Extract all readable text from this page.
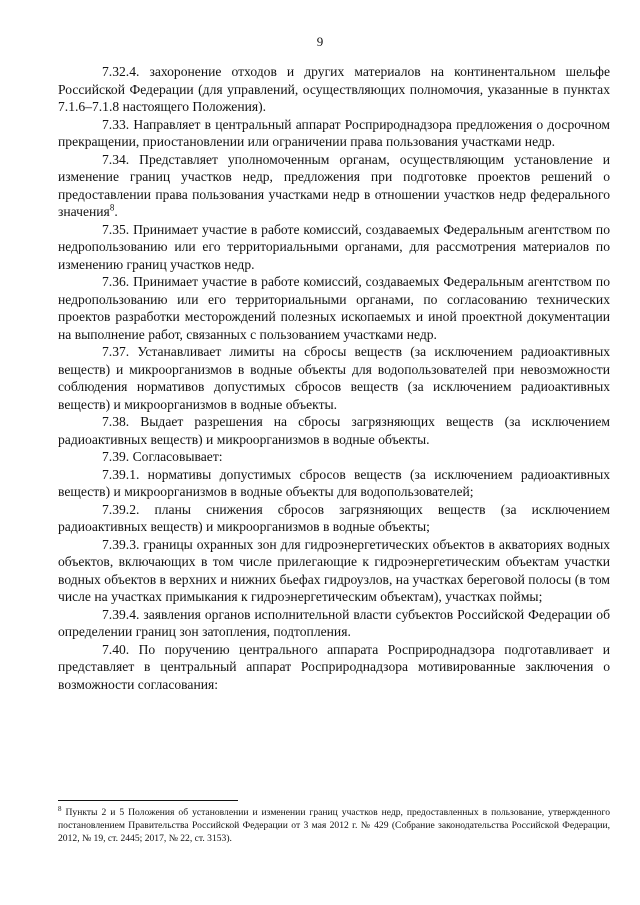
9

7.32.4. захоронение отходов и других материалов на континентальном шельфе Российской Федерации (для управлений, осуществляющих полномочия, указанные в пунктах 7.1.6–7.1.8 настоящего Положения).

7.33. Направляет в центральный аппарат Росприроднадзора предложения о досрочном прекращении, приостановлении или ограничении права пользования участками недр.

7.34. Представляет уполномоченным органам, осуществляющим установление и изменение границ участков недр, предложения при подготовке проектов решений о предоставлении права пользования участками недр в отношении участков недр федерального значения$^8$.

7.35. Принимает участие в работе комиссий, создаваемых Федеральным агентством по недропользованию или его территориальными органами, для рассмотрения материалов по изменению границ участков недр.

7.36. Принимает участие в работе комиссий, создаваемых Федеральным агентством по недропользованию или его территориальными органами, по согласованию технических проектов разработки месторождений полезных ископаемых и иной проектной документации на выполнение работ, связанных с пользованием участками недр.

7.37. Устанавливает лимиты на сбросы веществ (за исключением радиоактивных веществ) и микроорганизмов в водные объекты для водопользователей при невозможности соблюдения нормативов допустимых сбросов веществ (за исключением радиоактивных веществ) и микроорганизмов в водные объекты.

7.38. Выдает разрешения на сбросы загрязняющих веществ (за исключением радиоактивных веществ) и микроорганизмов в водные объекты.

7.39. Согласовывает:

7.39.1. нормативы допустимых сбросов веществ (за исключением радиоактивных веществ) и микроорганизмов в водные объекты для водопользователей;

7.39.2. планы снижения сбросов загрязняющих веществ (за исключением радиоактивных веществ) и микроорганизмов в водные объекты;

7.39.3. границы охранных зон для гидроэнергетических объектов в акваториях водных объектов, включающих в том числе прилегающие к гидроэнергетическим объектам участки водных объектов в верхних и нижних бьефах гидроузлов, на участках береговой полосы (в том числе на участках примыкания к гидроэнергетическим объектам), участках поймы;

7.39.4. заявления органов исполнительной власти субъектов Российской Федерации об определении границ зон затопления, подтопления.

7.40. По поручению центрального аппарата Росприроднадзора подготавливает и представляет в центральный аппарат Росприроднадзора мотивированные заключения о возможности согласования:

$^8$ Пункты 2 и 5 Положения об установлении и изменении границ участков недр, предоставленных в пользование, утвержденного постановлением Правительства Российской Федерации от 3 мая 2012 г. № 429 (Собрание законодательства Российской Федерации, 2012, № 19, ст. 2445; 2017, № 22, ст. 3153).
